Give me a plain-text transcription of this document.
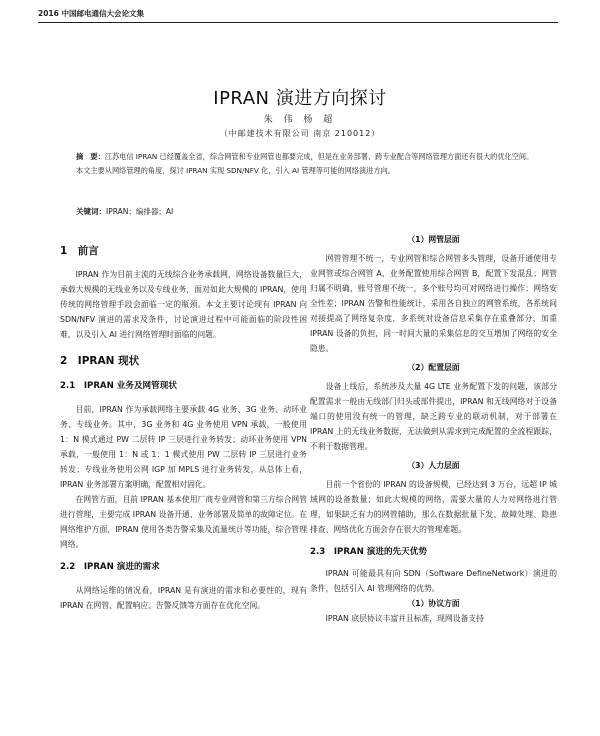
2016 中国邮电通信大会论文集
IPRAN 演进方向探讨
朱 伟 杨 超
（中邮建技术有限公司 南京 210012）
摘　要：江苏电信 IPRAN 已经覆盖全省，综合网管和专业网管也都要完成，但是在业务部署、跨专业配合等网络管理方面还有很大的优化空间。本文主要从网络管理的角度，探讨 IPRAN 实现 SDN/NFV 化，引入 AI 管理等可能的网络演进方向。
关键词：IPRAN；编排器；AI
1　前言

IPRAN 作为目前主流的无线综合业务承载网，网络设备数量巨大，承载大规模的无线业务以及专线业务，面对如此大规模的 IPRAN，使用传统的网络管理手段会面临一定的瓶颈。本文主要讨论现有 IPRAN 向 SDN/NFV 演进的需求及条件，讨论演进过程中可能面临的阶段性困难，以及引入 AI 进行网络管理时面临的问题。

2　IPRAN 现状
2.1　IPRAN 业务及网管现状

目前，IPRAN 作为承载网络主要承载 4G 业务、3G 业务、动环业务、专线业务。其中，3G 业务和 4G 业务使用 VPN 承载，一般使用 1：N 模式通过 PW 二层转 IP 三层进行业务转发；动环业务使用 VPN 承载，一般使用 1：N 或 1：1 模式使用 PW 二层转 IP 三层进行业务转发；专线业务使用公网 IGP 加 MPLS 进行业务转发，从总体上看，IPRAN 业务部署方案明确，配置相对固化。

在网管方面，目前 IPRAN 基本使用厂商专业网管和第三方综合网管进行管理，主要完成 IPRAN 设备开通、业务部署及简单的故障定位。在网络维护方面，IPRAN 使用各类告警采集及流量统计等功能，综合管理网络。

2.2　IPRAN 演进的需求

从网络运维的情况看，IPRAN 是有演进的需求和必要性的，现有 IPRAN 在网管、配置响应、告警反馈等方面存在优化空间。

（1）网管层面

网管管理不统一，专业网管和综合网管多头管理，设备开通使用专业网管或综合网管 A，业务配置使用综合网管 B，配置下发混乱；网管归属不明确，账号管理不统一，多个账号均可对网络进行操作；网络安全性差；IPRAN 告警和性能统计，采用各自独立的网管系统，各系统间对接提高了网络复杂度，多系统对设备信息采集存在重叠部分，加重 IPRAN 设备的负担，同一时间大量的采集信息的交互增加了网络的安全隐患。

（2）配置层面

设备上线后，系统涉及大量 4G LTE 业务配置下发的问题，该部分配置需求一般由无线部门归头或部件提出，IPRAN 和无线网络对于设备端口的使用没有统一的管理，缺乏跨专业的联动机制，对于部署在 IPRAN 上的无线业务数据，无法做到从需求到完成配置的全流程跟踪，不利于数据管理。

（3）人力层面

目前一个省份的 IPRAN 的设备规模，已经达到 3 万台，远超 IP 城域网的设备数量；如此大规模的网络，需要大量的人力对网络进行管理，如果缺乏有力的网管辅助，那么在数据批量下发、故障处理、隐患排查、网络优化方面会存在很大的管理难题。

2.3　IPRAN 演进的先天优势

IPRAN 可能最具有向 SDN（Software DefineNetwork）演进的条件，包括引入 AI 管理网络的优势。

（1）协议方面

IPRAN 底层协议丰富并且标准，现网设备支持
